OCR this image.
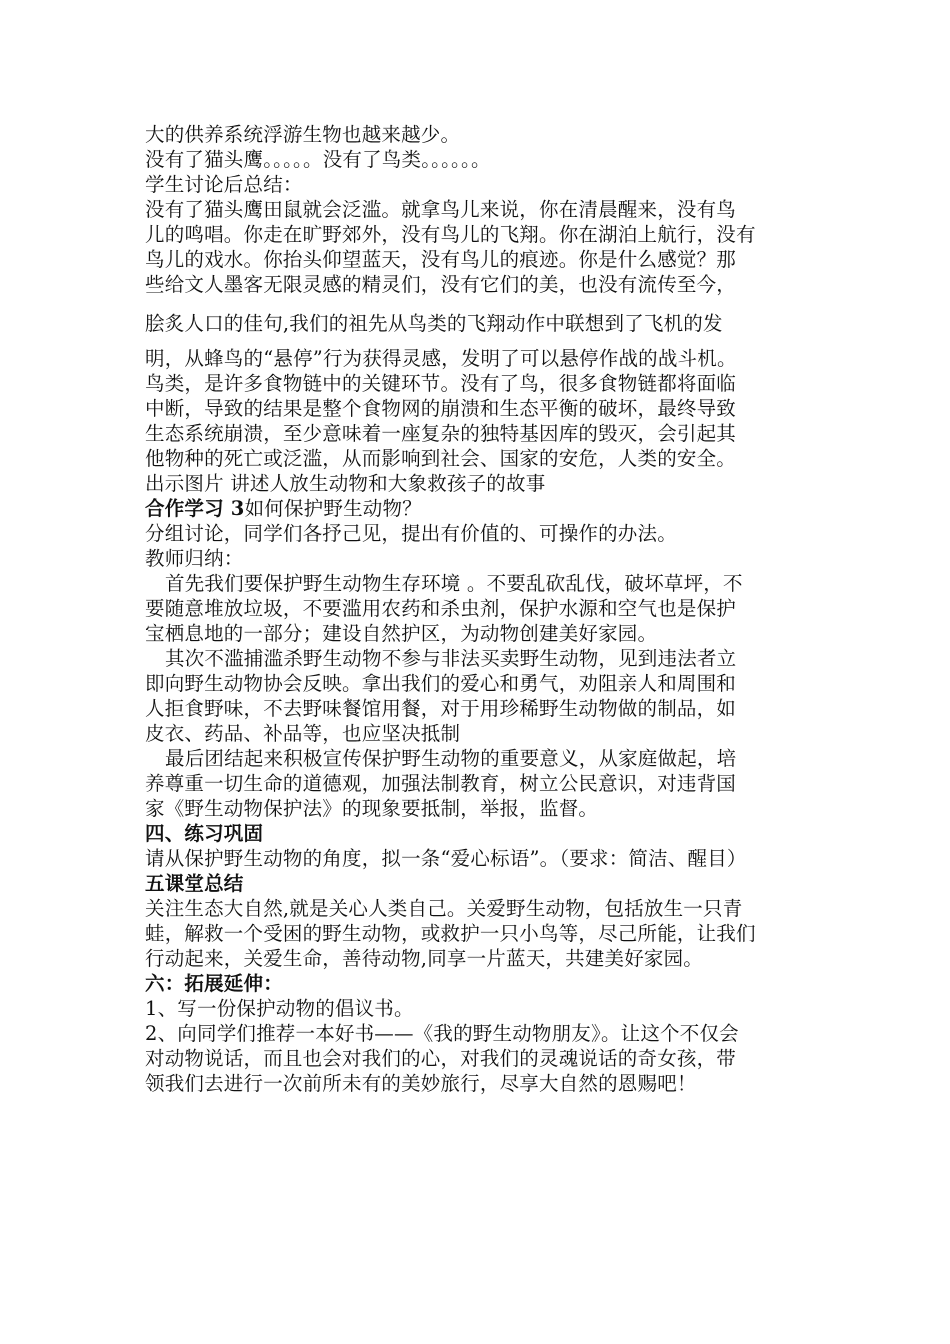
大的供养系统浮游生物也越来越少。
没有了猫头鹰。。。。。没有了鸟类。。。。。。
学生讨论后总结：
没有了猫头鹰田鼠就会泛滥。就拿鸟儿来说，你在清晨醒来，没有鸟
儿的鸣唱。你走在旷野郊外，没有鸟儿的飞翔。你在湖泊上航行，没有
鸟儿的戏水。你抬头仰望蓝天，没有鸟儿的痕迹。你是什么感觉？那
些给文人墨客无限灵感的精灵们，没有它们的美，也没有流传至今，
脍炙人口的佳句,我们的祖先从鸟类的飞翔动作中联想到了飞机的发
明，从蜂鸟的“悬停”行为获得灵感，发明了可以悬停作战的战斗机。
鸟类，是许多食物链中的关键环节。没有了鸟，很多食物链都将面临
中断，导致的结果是整个食物网的崩溃和生态平衡的破坏，最终导致
生态系统崩溃，至少意味着一座复杂的独特基因库的毁灭，会引起其
他物种的死亡或泛滥，从而影响到社会、国家的安危，人类的安全。
出示图片 讲述人放生动物和大象救孩子的故事
合作学习 3如何保护野生动物？
分组讨论，同学们各抒己见，提出有价值的、可操作的办法。
教师归纳：
首先我们要保护野生动物生存环境 。不要乱砍乱伐，破坏草坪，不
要随意堆放垃圾，不要滥用农药和杀虫剂，保护水源和空气也是保护
宝栖息地的一部分；建设自然护区，为动物创建美好家园。
其次不滥捕滥杀野生动物不参与非法买卖野生动物，见到违法者立
即向野生动物协会反映。拿出我们的爱心和勇气，劝阻亲人和周围和
人拒食野味，不去野味餐馆用餐，对于用珍稀野生动物做的制品，如
皮衣、药品、补品等，也应坚决抵制
最后团结起来积极宣传保护野生动物的重要意义，从家庭做起，培
养尊重一切生命的道德观，加强法制教育，树立公民意识，对违背国
家《野生动物保护法》的现象要抵制，举报，监督。
四、练习巩固
请从保护野生动物的角度，拟一条“爱心标语”。（要求：简洁、醒目）
五课堂总结
关注生态大自然,就是关心人类自己。关爱野生动物，包括放生一只青
蛙，解救一个受困的野生动物，或救护一只小鸟等，尽己所能，让我们
行动起来，关爱生命，善待动物,同享一片蓝天，共建美好家园。
六：拓展延伸：
1、写一份保护动物的倡议书。
2、向同学们推荐一本好书——《我的野生动物朋友》。让这个不仅会
对动物说话，而且也会对我们的心，对我们的灵魂说话的奇女孩，带
领我们去进行一次前所未有的美妙旅行，尽享大自然的恩赐吧！
